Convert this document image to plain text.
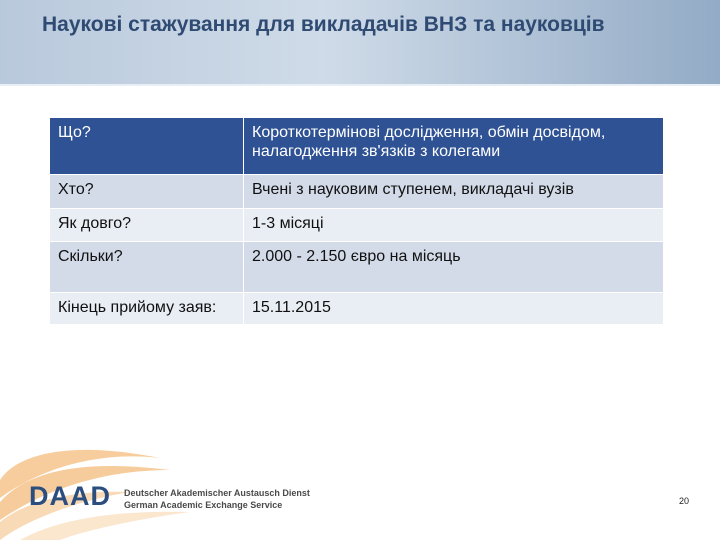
Наукові стажування для викладачів ВНЗ та науковців
Що?	Короткотермінові дослідження, обмін досвідом, налагодження зв'язків з колегами
Хто?	Вчені з науковим ступенем, викладачі вузів
Як довго?	1-3 місяці
Скільки?	2.000 - 2.150 євро на місяць
Кінець прийому заяв:	15.11.2015
DAAD Deutscher Akademischer Austausch Dienst
German Academic Exchange Service	20
